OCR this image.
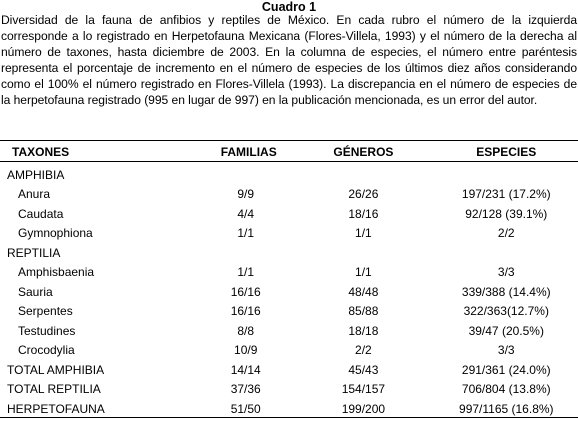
Cuadro 1
Diversidad de la fauna de anfibios y reptiles de México. En cada rubro el número de la izquierda corresponde a lo registrado en Herpetofauna Mexicana (Flores-Villela, 1993) y el número de la derecha al número de taxones, hasta diciembre de 2003. En la columna de especies, el número entre paréntesis representa el porcentaje de incremento en el número de especies de los últimos diez años considerando como el 100% el número registrado en Flores-Villela (1993). La discrepancia en el número de especies de la herpetofauna registrado (995 en lugar de 997) en la publicación mencionada, es un error del autor.
TAXONES	FAMILIAS	GÉNEROS	ESPECIES

AMPHIBIA			
Anura	9/9	26/26	197/231 (17.2%)
Caudata	4/4	18/16	92/128 (39.1%)
Gymnophiona	1/1	1/1	2/2
REPTILIA			
Amphisbaenia	1/1	1/1	3/3
Sauria	16/16	48/48	339/388 (14.4%)
Serpentes	16/16	85/88	322/363(12.7%)
Testudines	8/8	18/18	39/47 (20.5%)
Crocodylia	10/9	2/2	3/3
TOTAL AMPHIBIA	14/14	45/43	291/361 (24.0%)
TOTAL REPTILIA	37/36	154/157	706/804 (13.8%)
HERPETOFAUNA	51/50	199/200	997/1165 (16.8%)
